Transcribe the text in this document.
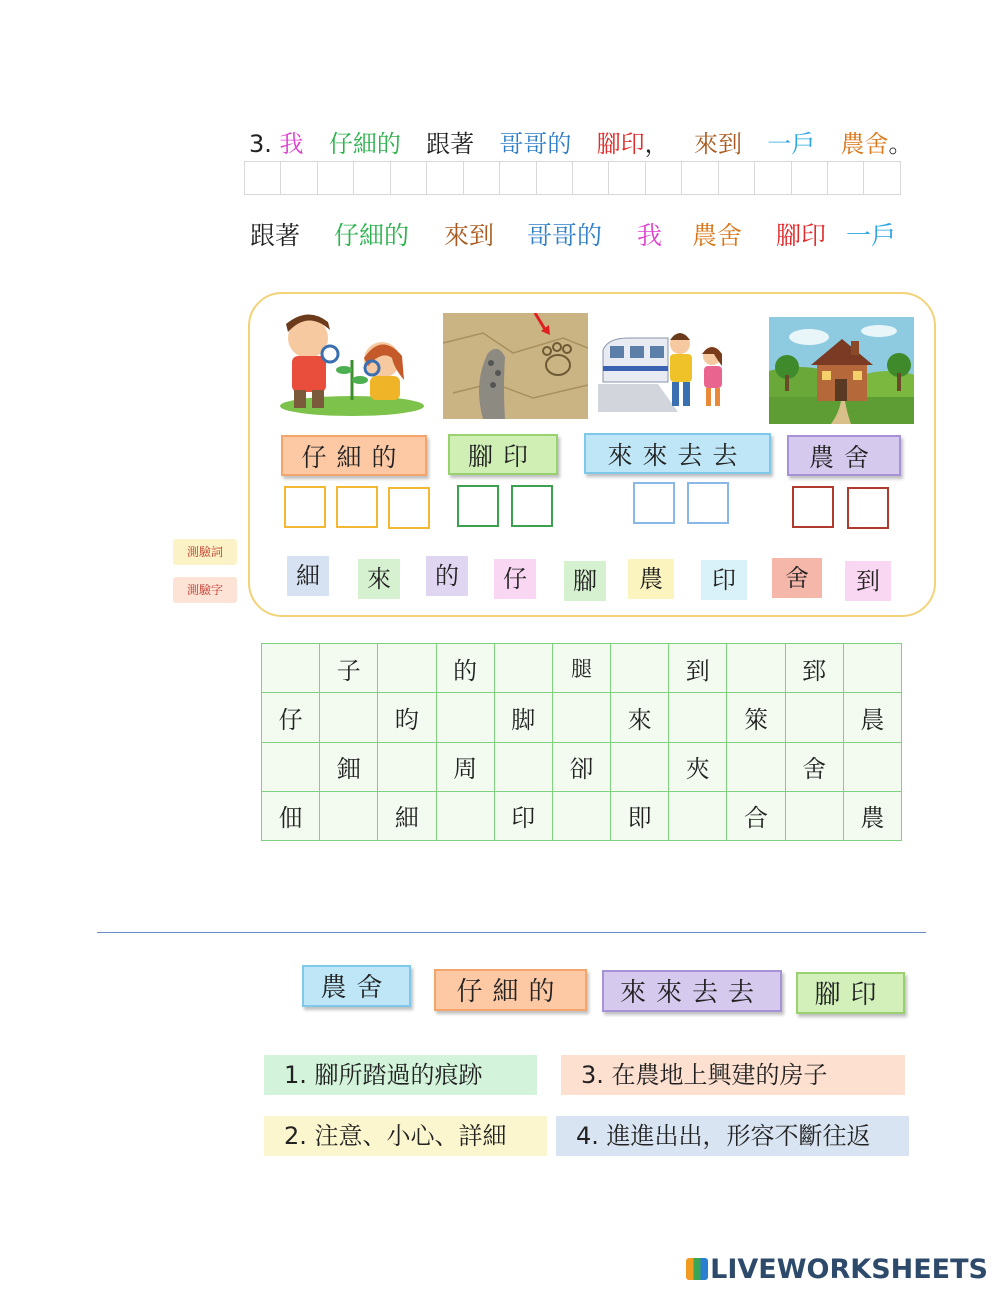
3. 我 仔細的 跟著 哥哥的 腳印， 來到 一戶 農舍。
跟著 仔細的 來到 哥哥的 我 農舍 腳印 一戶
仔細的	腳印	來來去去	農舍
測驗詞
測驗字	細	來	的	仔	腳	農	印	舍	到
	子		的		腿		到		郅	
仔		昀		脚		來		箂		晨
	鈿		周		卻		夾		舍	
佃		細		印		即		合		農
農舍	仔細的	來來去去	腳印
1. 腳所踏過的痕跡	3. 在農地上興建的房子
2. 注意、小心、詳細	4. 進進出出，形容不斷往返
LIVEWORKSHEETS
